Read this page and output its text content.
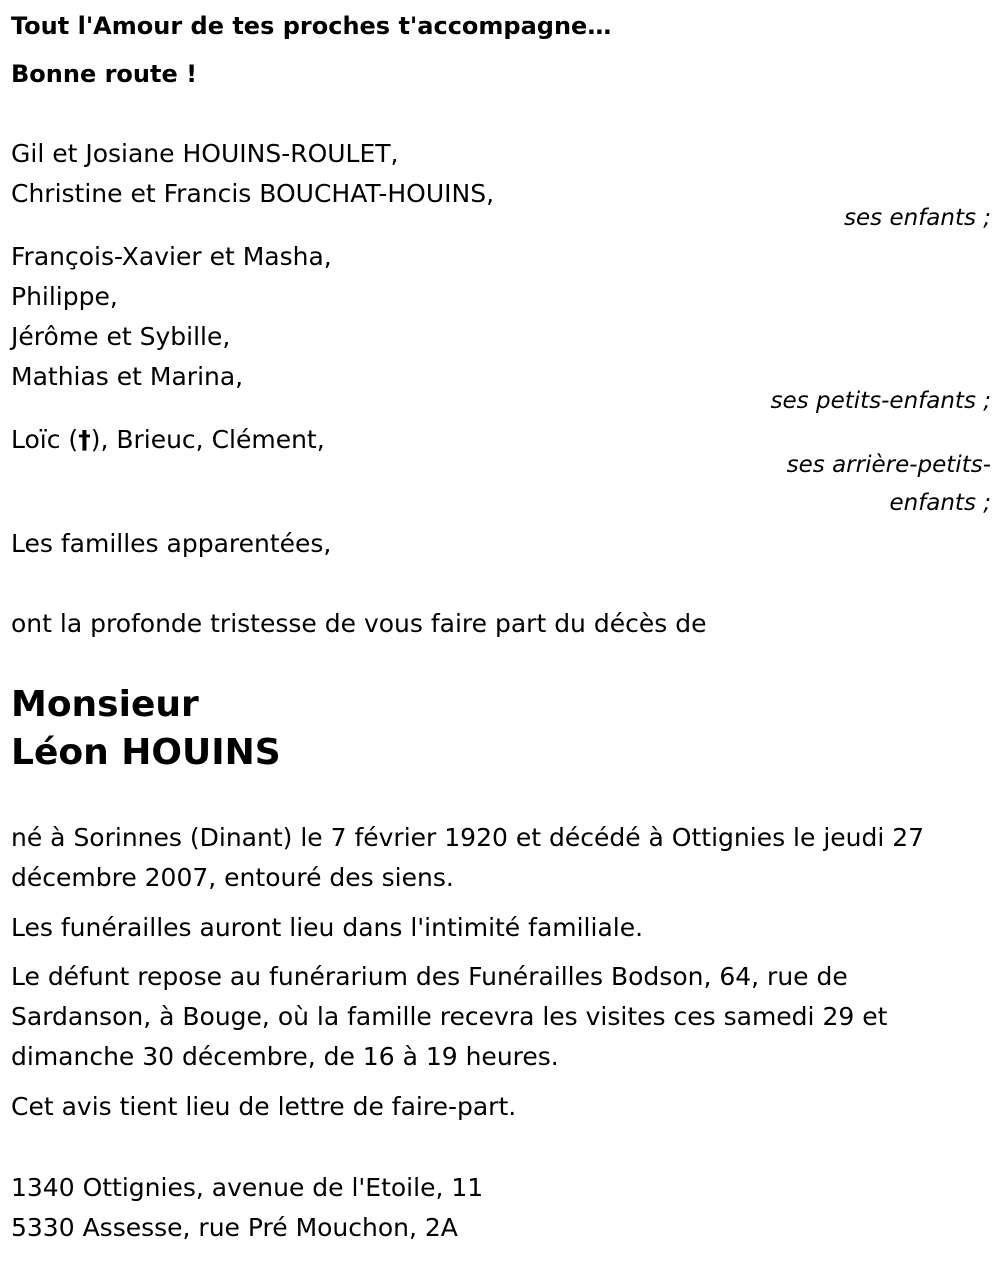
Tout l'Amour de tes proches t'accompagne…
Bonne route !
Gil et Josiane HOUINS-ROULET,
Christine et Francis BOUCHAT-HOUINS,
ses enfants ;
François-Xavier et Masha,
Philippe,
Jérôme et Sybille,
Mathias et Marina,
ses petits-enfants ;
Loïc (†), Brieuc, Clément,
ses arrière-petits-enfants ;
Les familles apparentées,
ont la profonde tristesse de vous faire part du décès de
Monsieur
Léon HOUINS
né à Sorinnes (Dinant) le 7 février 1920 et décédé à Ottignies le jeudi 27 décembre 2007, entouré des siens.
Les funérailles auront lieu dans l'intimité familiale.
Le défunt repose au funérarium des Funérailles Bodson, 64, rue de Sardanson, à Bouge, où la famille recevra les visites ces samedi 29 et dimanche 30 décembre, de 16 à 19 heures.
Cet avis tient lieu de lettre de faire-part.
1340 Ottignies, avenue de l'Etoile, 11
5330 Assesse, rue Pré Mouchon, 2A
